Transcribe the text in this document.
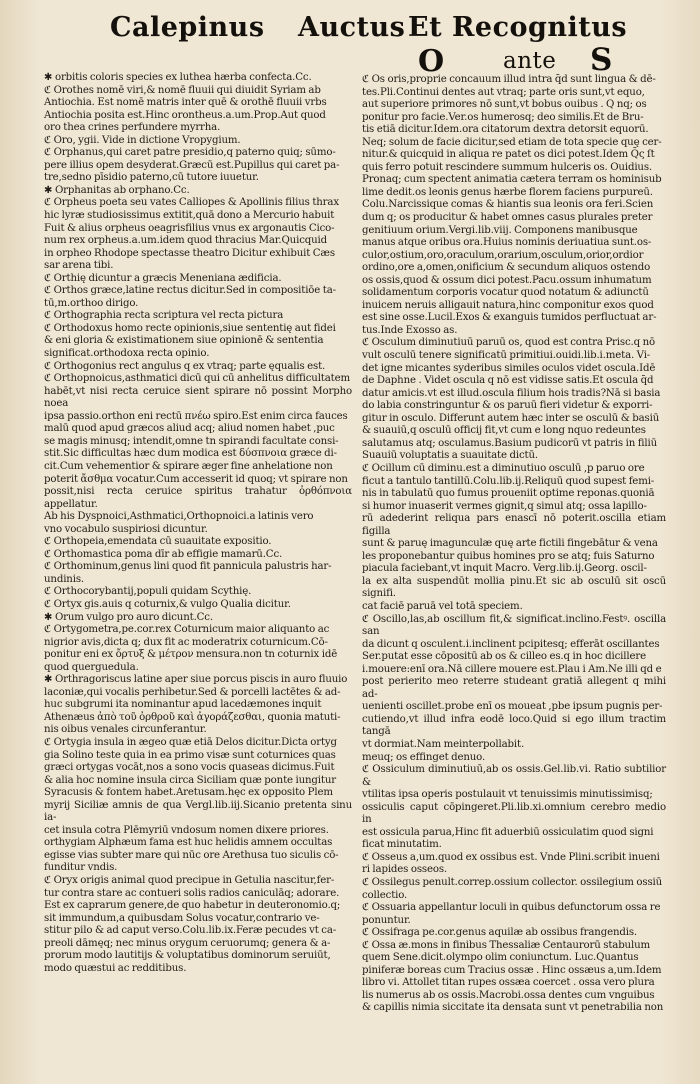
Calepinus Auctus Et Recognitus
O	ante S

✱ orbitis coloris species ex luthea hærba confecta.Cc.

ℭ Orothes nomē viri,& nomē fluuii qui diuidit Syriam ab
Antiochia. Est nomē matris inter quē & orothē fluuii vrbs
Antiochia posita est.Hinc orontheus.a.um.Prop.Aut quod
oro thea crines perfundere myrrha.

ℭ Oro, ygii. Vide in dictione Vropygium.

ℭ Orphanus,qui caret patre presidio,q paterno quiq; sūmo-
pere illius opem desyderat.Græcū est.Pupillus qui caret pa-
tre,sedno pīsidio paterno,cū tutore iuuetur.

✱ Orphanitas ab orphano.Cc.

ℭ Orpheus poeta seu vates Calliopes & Apollinis filius thrax
hic lyræ studiosissimus extitit,quā dono a Mercurio habuit
Fuit & alius orpheus oeagrisfilius vnus ex argonautis Cico-
num rex orpheus.a.um.idem quod thracius Mar.Quicquid
in orpheo Rhodope spectasse theatro Dicitur exhibuit Cæs
sar arena tibi.

ℭ Orthię dicuntur a græcis Meneniana ædificia.

ℭ Orthos græce,latine rectus dicitur.Sed in compositiōe ta-
tū,m.orthoo dirigo.

ℭ Orthographia recta scriptura vel recta pictura

ℭ Orthodoxus homo recte opinionis,siue sententię aut fidei
& eni gloria & existimationem siue opinionē & sententia
significat.orthodoxa recta opinio.

ℭ Orthogonius rect angulus q ex vtraq; parte ęqualis est.

ℭ Orthopnoicus,asthmatici dicū qui cū anhelitus difficultatem
habēt,vt nisi recta ceruice sient spirare nō possint Morpho noea
ipsa passio.orthon eni rectū πνέω spiro.Est enim circa fauces
malū quod apud græcos aliud acq; aliud nomen habet ,puc
se magis minusq; intendit,omne tn spirandi facultate consi-
stit.Sic difficultas hæc dum modica est δύσπνοια græce di-
cit.Cum vehementior & spirare æger fine anhelatione non
poterit ἄσθμα vocatur.Cum accesserit id quoq; vt spirare non
possit,nisi recta ceruice spiritus trahatur ὀρθόπνοια appellatur.
Ab his Dyspnoici,Asthmatici,Orthopnoici.a latinis vero
vno vocabulo suspiriosi dicuntur.

ℭ Orthopeia,emendata cū suauitate expositio.

ℭ Orthomastica poma dīr ab effigie mamarū.Cc.

ℭ Orthominum,genus lini quod fit pannicula palustris har-
undinis.

ℭ Orthocorybantij,populi quidam Scythię.

ℭ Ortyx gis.auis q coturnix,& vulgo Qualia dicitur.

✱ Orum vulgo pro auro dicunt.Cc.

ℭ Ortygometra,pe.cor.rex Coturnicum maior aliquanto ac
nigrior avis,dicta q; dux fit ac moderatrix coturnicum.Cō-
ponitur eni ex ὄρτυξ & μέτρον mensura.non tn coturnix idē
quod querguedula.

✱ Orthragoriscus latine aper siue porcus piscis in auro fluuio
laconiæ,qui vocalis perhibetur.Sed & porcelli lactētes & ad-
huc subgrumi ita nominantur apud lacedæmones inquit
Athenæus ἀπὸ τοῦ ὀρθροῦ καὶ ἀγοράζεσθαι, quonia matuti-
nis oibus venales circunferantur.

ℭ Ortygia insula in ægeo quæ etiā Delos dicitur.Dicta ortyg
gia Solino teste quia in ea primo visæ sunt coturnices quas
græci ortygas vocāt,nos a sono vocis quaseas dicimus.Fuit
& alia hoc nomine insula circa Siciliam quæ ponte iungitur
Syracusis & fontem habet.Aretusam.hęc ex opposito Plem
myrij Siciliæ amnis de qua Vergl.lib.iij.Sicanio pretenta sinu ia-
cet insula cotra Plēmyriū vndosum nomen dixere priores.
orthygiam Alphæum fama est huc helidis amnem occultas
egisse vias subter mare qui nūc ore Arethusa tuo siculis cō-
funditur vndis.

ℭ Oryx origis animal quod precipue in Getulia nascitur,fer-
tur contra stare ac contueri solis radios caniculāq; adorare.
Est ex caprarum genere,de quo habetur in deuteronomio.q;
sit immundum,a quibusdam Solus vocatur,contrario ve-
stitur pilo & ad caput verso.Colu.lib.ix.Feræ pecudes vt ca-
preoli dāmęq; nec minus orygum ceruorumq; genera & a-
prorum modo lautitijs & voluptatibus dominorum seruiūt,
modo quæstui ac redditibus.

ℭ Os oris,proprie concauum illud intra q̄d sunt lingua & dē-
tes.Pli.Continui dentes aut vtraq; parte oris sunt,vt equo,
aut superiore primores nō sunt,vt bobus ouibus . Q nq; os
ponitur pro facie.Ver.os humerosq; deo similis.Et de Bru-
tis etiā dicitur.Idem.ora citatorum dextra detorsit equorū.
Neq; solum de facie dicitur,sed etiam de tota specie quę cer-
nitur.& quicquid in aliqua re patet os dici potest.Idem Q̄ς ſt
quis ferro potuit rescindere summum hulceris os. Ouidius.
Pronaq; cum spectent animatia cætera terram os hominisub
lime dedit.os leonis genus hærbe florem faciens purpureū.
Colu.Narcissique comas & hiantis sua leonis ora feri.Scien
dum q; os producitur & habet omnes casus plurales preter
genitiuum orium.Vergi.lib.viij. Componens manibusque
manus atque oribus ora.Huius nominis deriuatiua sunt.os-
culor,ostium,oro,oraculum,orarium,osculum,orior,ordior
ordino,ore a,omen,onificium & secundum aliquos ostendo
os ossis,quod & ossum dici potest.Pacu.ossum inhumatum
solidamentum corporis vocatur quod notatum & adiunctū
inuicem neruis alligauit natura,hinc componitur exos quod
est sine osse.Lucil.Exos & exanguis tumidos perfluctuat ar-
tus.Inde Exosso as.

ℭ Osculum diminutiuū paruū os, quod est contra Prisc.q nō
vult osculū tenere significatū primitiui.ouidi.lib.i.meta. Vi-
det igne micantes syderibus similes oculos videt oscula.Idē
de Daphne . Videt oscula q nō est vidisse satis.Et oscula q̄d
datur amicis.vt est illud.oscula filium hois tradis?Nā si basia
do labia constringuntur & os paruū fieri videtur & exporri-
gitur in osculo. Differunt autem hæc inter se osculū & basiū
& suauiū,q osculū officij fit,vt cum e long nquo redeuntes
salutamus atq; osculamus.Basium pudicorū vt patris in filiū
Suauiū voluptatis a suauitate dictū.

ℭ Ocillum cū diminu.est a diminutiuo osculū ,p paruo ore
ficut a tantulo tantillū.Colu.lib.ij.Reliquū quod supest femi-
nis in tabulatū quo fumus proueniit optime reponas.quoniā
si humor inuaserit vermes gignit,q simul atq; ossa lapillo-
rū adederint reliqua pars enascī nō poterit.oscilla etiam figilla
sunt & paruę imagunculæ quę arte fictili fingebātur & vena
les proponebantur quibus homines pro se atq; fuis Saturno
piacula faciebant,vt inquit Macro. Verg.lib.ij.Georg. oscil-
la ex alta suspendūt mollia pinu.Et sic ab osculū sit oscū signifi.
cat faciē paruā vel totā speciem.

ℭ Oscillo,las,ab oscillum fit,& significat.inclino.Festꝰ. oscilla san
da dicunt q osculent.i.inclinent pcipitesq; efferāt oscillantes
Ser.putat esse cōpositū ab os & cilleo es.q in hoc dicillere
i.mouere:enī ora.Nā cillere mouere est.Plau i Am.Ne illi qd e
post perierito meo reterre studeant gratiā allegent q mihi ad-
uenienti oscillet.probe enī os moueat ,pbe ipsum pugnis per-
cutiendo,vt illud infra eodē loco.Quid si ego illum tractim tangā
vt dormiat.Nam meinterpollabit.
meuq; os effinget denuo.

ℭ Ossiculum diminutiuū,ab os ossis.Gel.lib.vi. Ratio subtilior &
vtilitas ipsa operis postulauit vt tenuissimis minutissimisq;
ossiculis caput cōpingeret.Pli.lib.xi.omnium cerebro medio in
est ossicula parua,Hinc fit aduerbiū ossiculatim quod signi
ficat minutatim.

ℭ Osseus a,um.quod ex ossibus est. Vnde Plini.scribit inueni
ri lapides osseos.

ℭ Ossilegus penult.correp.ossium collector. ossilegium ossiū
collectio.

ℭ Ossuaria appellantur loculi in quibus defunctorum ossa re
ponuntur.

ℭ Ossifraga pe.cor.genus aquilæ ab ossibus frangendis.

ℭ Ossa æ.mons in finibus Thessaliæ Centaurorū stabulum
quem Sene.dicit.olympo olim coniunctum. Luc.Quantus
piniferæ boreas cum Tracius ossæ . Hinc ossæus a,um.Idem
libro vi. Attollet titan rupes ossæa coercet . ossa vero plura
lis numerus ab os ossis.Macrobi.ossa dentes cum vnguibus
& capillis nimia siccitate ita densata sunt vt penetrabilia non
